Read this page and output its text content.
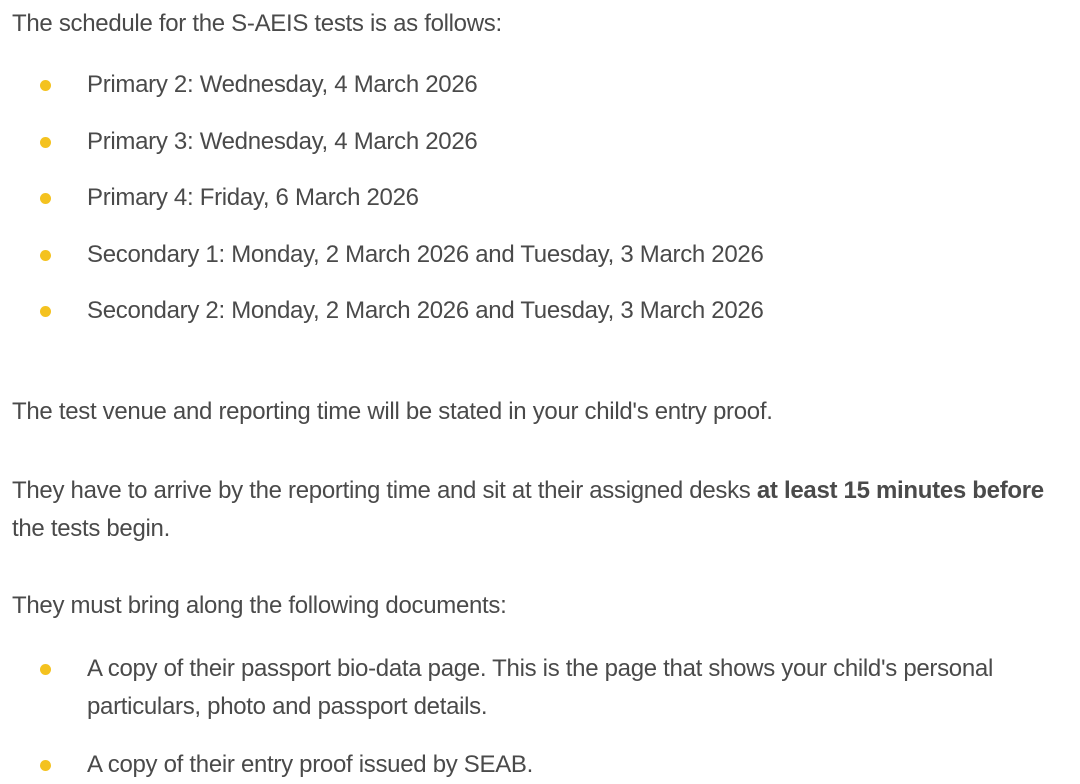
The schedule for the S-AEIS tests is as follows:

Primary 2: Wednesday, 4 March 2026
Primary 3: Wednesday, 4 March 2026
Primary 4: Friday, 6 March 2026
Secondary 1: Monday, 2 March 2026 and Tuesday, 3 March 2026
Secondary 2: Monday, 2 March 2026 and Tuesday, 3 March 2026

The test venue and reporting time will be stated in your child's entry proof.

They have to arrive by the reporting time and sit at their assigned desks at least 15 minutes before the tests begin.

They must bring along the following documents:

A copy of their passport bio-data page. This is the page that shows your child's personal particulars, photo and passport details.
A copy of their entry proof issued by SEAB.
